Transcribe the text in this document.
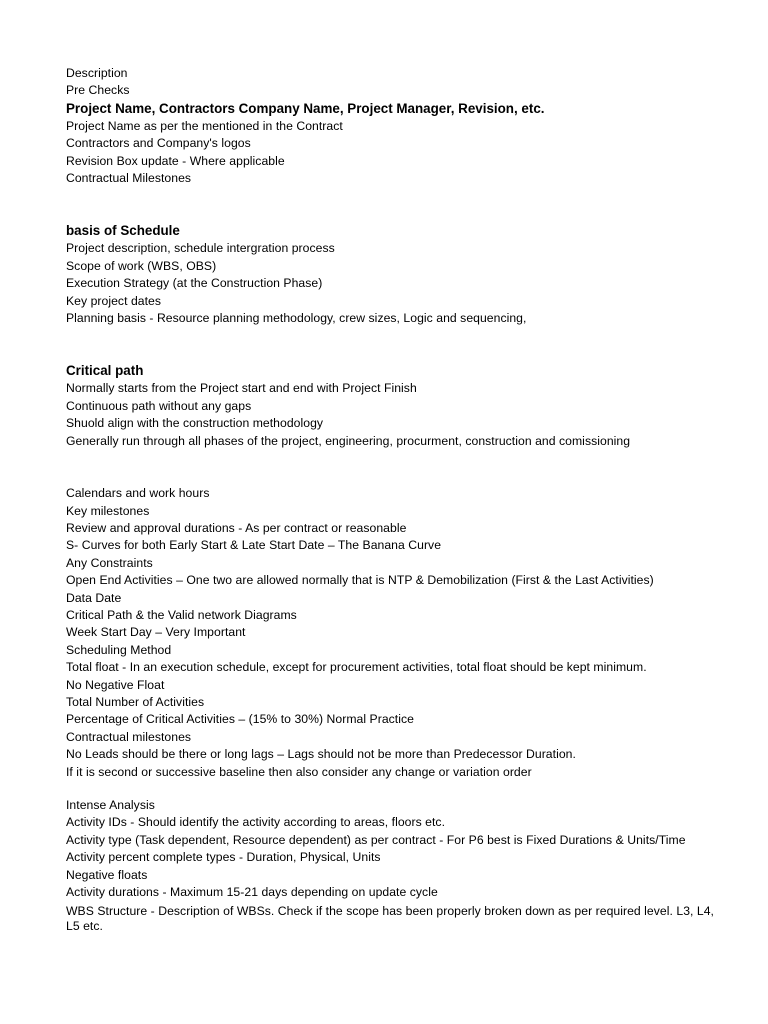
Description
Pre Checks
Project Name, Contractors Company Name, Project Manager, Revision, etc.
Project Name as per the mentioned in the Contract
Contractors and Company's logos
Revision Box update - Where applicable
Contractual Milestones
basis of Schedule
Project description, schedule intergration process
Scope of work (WBS, OBS)
Execution Strategy (at the Construction Phase)
Key project dates
Planning basis - Resource planning methodology, crew sizes, Logic and sequencing,
Critical path
Normally starts from the Project start and end with Project Finish
Continuous path without any gaps
Shuold align with the construction methodology
Generally run through all phases of the project, engineering, procurment, construction and comissioning
Calendars and work hours
Key milestones
Review and approval durations - As per contract or reasonable
S- Curves for both Early Start & Late Start Date – The Banana Curve
Any Constraints
Open End Activities – One two are allowed normally that is NTP & Demobilization (First & the Last Activities)
Data Date
Critical Path & the Valid network Diagrams
Week Start Day – Very Important
Scheduling Method
Total float - In an execution schedule, except for procurement activities, total float should be kept minimum.
No Negative Float
Total Number of Activities
Percentage of Critical Activities – (15% to 30%) Normal Practice
Contractual milestones
No Leads should be there or long lags – Lags should not be more than Predecessor Duration.
If it is second or successive baseline then also consider any change or variation order
Intense Analysis
Activity IDs - Should identify the activity according to areas, floors etc.
Activity type (Task dependent, Resource dependent) as per contract - For P6 best is Fixed Durations & Units/Time
Activity percent complete types - Duration, Physical, Units
Negative floats
Activity durations - Maximum 15-21 days depending on update cycle
WBS Structure - Description of WBSs. Check if the scope has been properly broken down as per required level. L3, L4, L5 etc.
